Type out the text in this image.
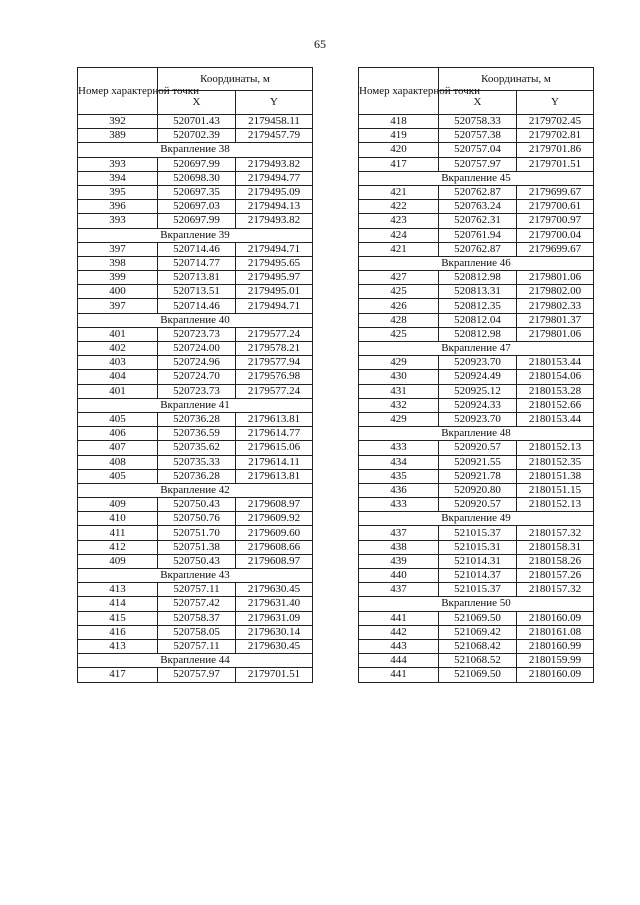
65
Номер характерной точки	Координаты, м	
	X	Y
392	520701.43	2179458.11
389	520702.39	2179457.79
Вкрапление 38		
393	520697.99	2179493.82
394	520698.30	2179494.77
395	520697.35	2179495.09
396	520697.03	2179494.13
393	520697.99	2179493.82
Вкрапление 39		
397	520714.46	2179494.71
398	520714.77	2179495.65
399	520713.81	2179495.97
400	520713.51	2179495.01
397	520714.46	2179494.71
Вкрапление 40		
401	520723.73	2179577.24
402	520724.00	2179578.21
403	520724.96	2179577.94
404	520724.70	2179576.98
401	520723.73	2179577.24
Вкрапление 41		
405	520736.28	2179613.81
406	520736.59	2179614.77
407	520735.62	2179615.06
408	520735.33	2179614.11
405	520736.28	2179613.81
Вкрапление 42		
409	520750.43	2179608.97
410	520750.76	2179609.92
411	520751.70	2179609.60
412	520751.38	2179608.66
409	520750.43	2179608.97
Вкрапление 43		
413	520757.11	2179630.45
414	520757.42	2179631.40
415	520758.37	2179631.09
416	520758.05	2179630.14
413	520757.11	2179630.45
Вкрапление 44		
417	520757.97	2179701.51
Номер характерной точки	Координаты, м	
	X	Y
418	520758.33	2179702.45
419	520757.38	2179702.81
420	520757.04	2179701.86
417	520757.97	2179701.51
Вкрапление 45		
421	520762.87	2179699.67
422	520763.24	2179700.61
423	520762.31	2179700.97
424	520761.94	2179700.04
421	520762.87	2179699.67
Вкрапление 46		
427	520812.98	2179801.06
425	520813.31	2179802.00
426	520812.35	2179802.33
428	520812.04	2179801.37
425	520812.98	2179801.06
Вкрапление 47		
429	520923.70	2180153.44
430	520924.49	2180154.06
431	520925.12	2180153.28
432	520924.33	2180152.66
429	520923.70	2180153.44
Вкрапление 48		
433	520920.57	2180152.13
434	520921.55	2180152.35
435	520921.78	2180151.38
436	520920.80	2180151.15
433	520920.57	2180152.13
Вкрапление 49		
437	521015.37	2180157.32
438	521015.31	2180158.31
439	521014.31	2180158.26
440	521014.37	2180157.26
437	521015.37	2180157.32
Вкрапление 50		
441	521069.50	2180160.09
442	521069.42	2180161.08
443	521068.42	2180160.99
444	521068.52	2180159.99
441	521069.50	2180160.09
